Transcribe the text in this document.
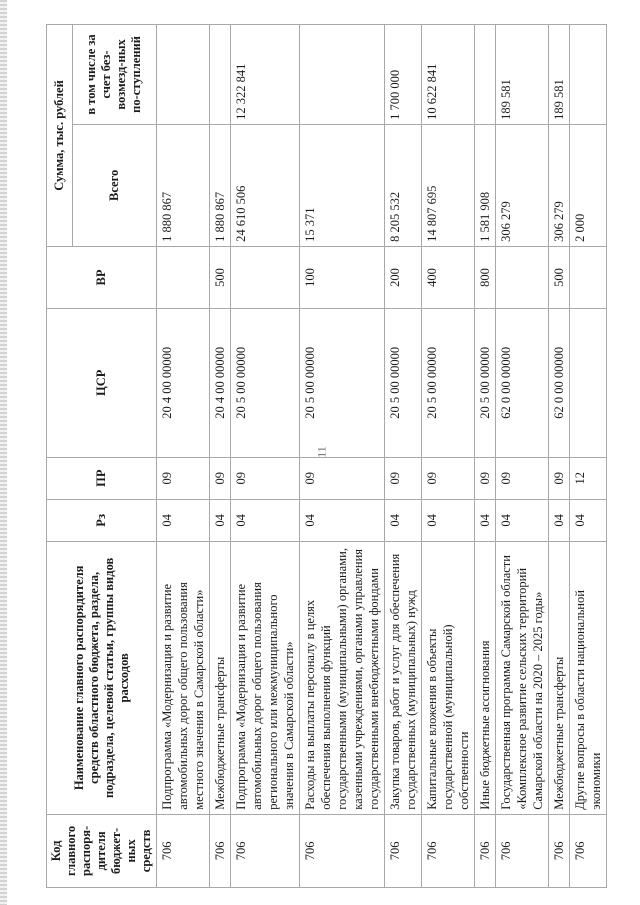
11
Код главного распоря-дителя бюджет-ных средств	Наименование главного распорядителя средств областного бюджета, раздела, подраздела, целевой статьи, группы видов расходов	Рз	ПР	ЦСР	ВР	Сумма, тыс. рублей	
						Всего	в том числе за счет без-возмезд-ных по-ступлений
706	Подпрограмма «Модернизация и развитие автомобильных дорог общего пользования местного значения в Самарской области»	04	09	20 4 00 00000		1 880 867	
706	Межбюджетные трансферты	04	09	20 4 00 00000	500	1 880 867	
706	Подпрограмма «Модернизация и развитие автомобильных дорог общего пользования регионального или межмуниципального значения в Самарской области»	04	09	20 5 00 00000		24 610 506	12 322 841
706	Расходы на выплаты персоналу в целях обеспечения выполнения функций государственными (муниципальными) органами, казенными учреждениями, органами управления государственными внебюджетными фондами	04	09	20 5 00 00000	100	15 371	
706	Закупка товаров, работ и услуг для обеспечения государственных (муниципальных) нужд	04	09	20 5 00 00000	200	8 205 532	1 700 000
706	Капитальные вложения в объекты государственной (муниципальной) собственности	04	09	20 5 00 00000	400	14 807 695	10 622 841
706	Иные бюджетные ассигнования	04	09	20 5 00 00000	800	1 581 908	
706	Государственная программа Самарской области «Комплексное развитие сельских территорий Самарской области на 2020 – 2025 годы»	04	09	62 0 00 00000		306 279	189 581
706	Межбюджетные трансферты	04	09	62 0 00 00000	500	306 279	189 581
706	Другие вопросы в области национальной экономики	04	12			2 000	
